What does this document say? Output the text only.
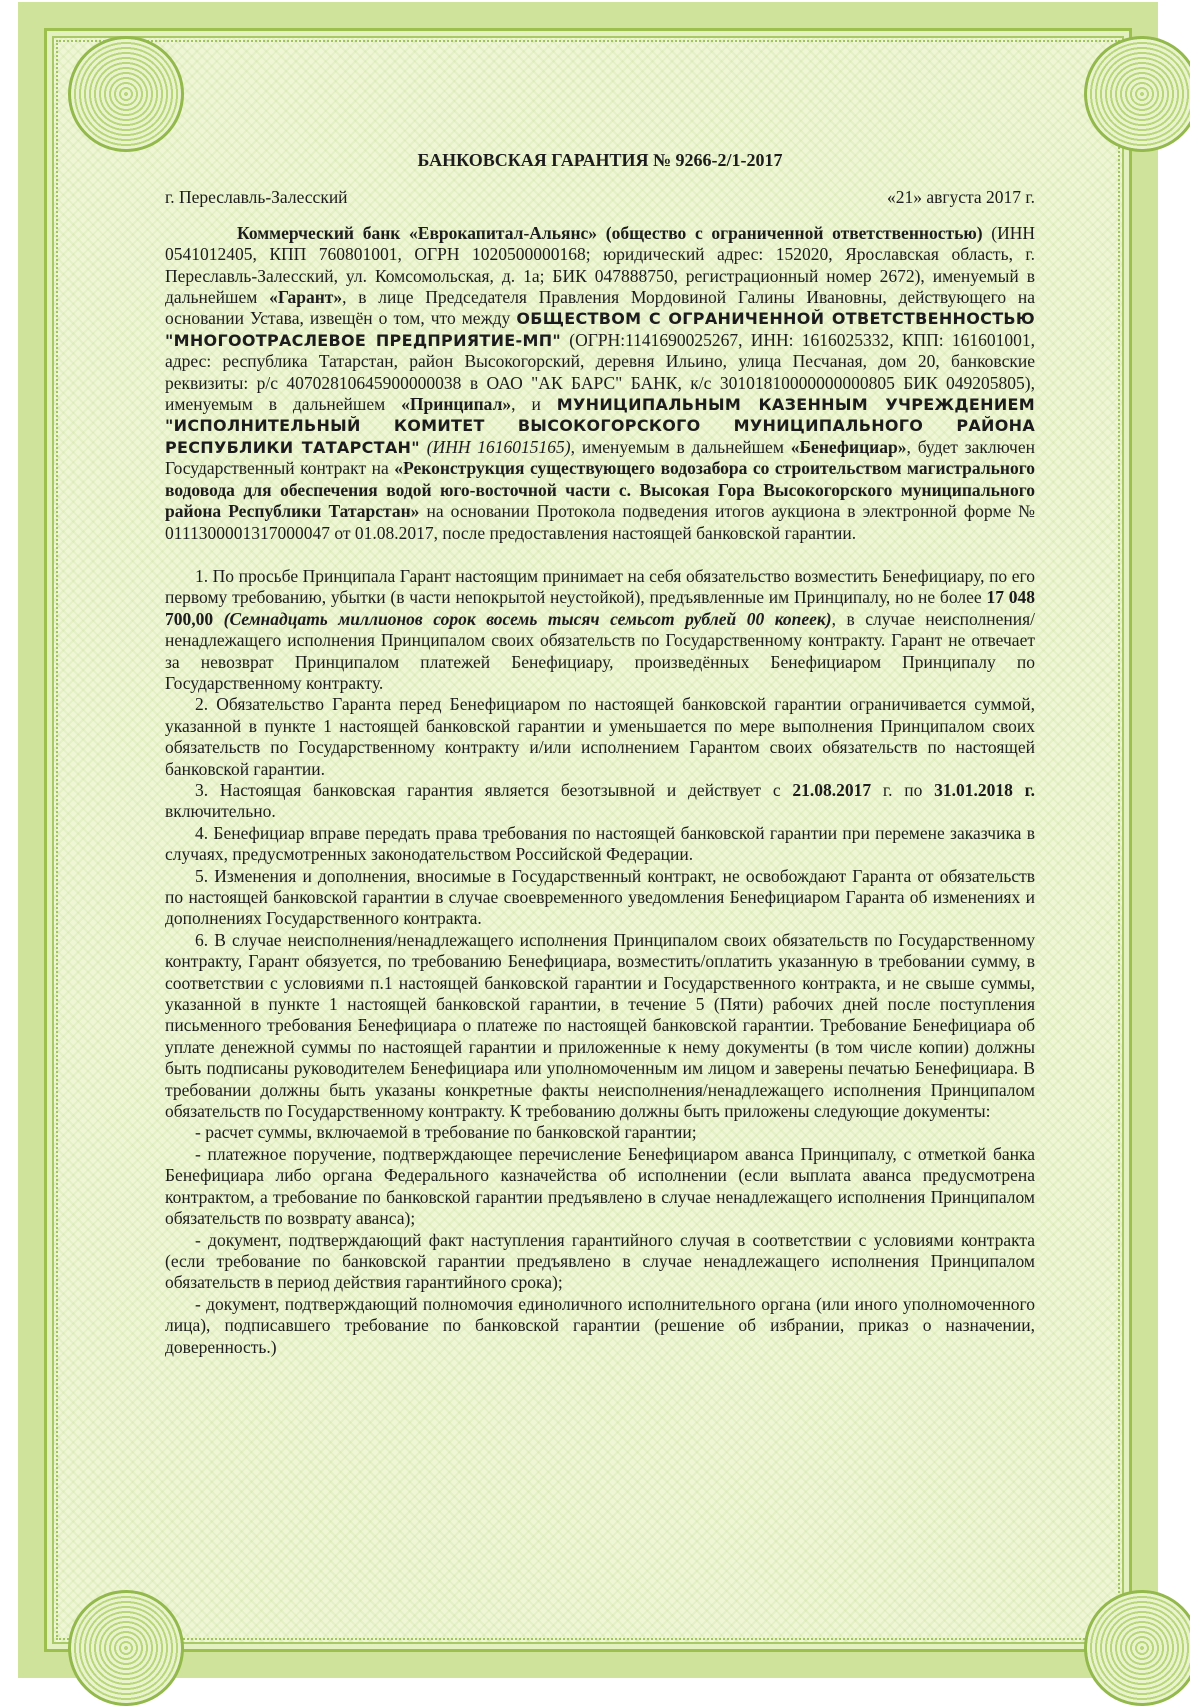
БАНКОВСКАЯ ГАРАНТИЯ № 9266-2/1-2017
г. Переславль-Залесский	«21» августа 2017 г.

Коммерческий банк «Еврокапитал-Альянс» (общество с ограниченной ответственностью) (ИНН 0541012405, КПП 760801001, ОГРН 1020500000168; юридический адрес: 152020, Ярославская область, г. Переславль-Залесский, ул. Комсомольская, д. 1а; БИК 047888750, регистрационный номер 2672), именуемый в дальнейшем «Гарант», в лице Председателя Правления Мордовиной Галины Ивановны, действующего на основании Устава, извещён о том, что между ОБЩЕСТВОМ С ОГРАНИЧЕННОЙ ОТВЕТСТВЕННОСТЬЮ "МНОГООТРАСЛЕВОЕ ПРЕДПРИЯТИЕ-МП" (ОГРН:1141690025267, ИНН: 1616025332, КПП: 161601001, адрес: республика Татарстан, район Высокогорский, деревня Ильино, улица Песчаная, дом 20, банковские реквизиты: р/с 40702810645900000038 в ОАО "АК БАРС" БАНК, к/с 30101810000000000805 БИК 049205805), именуемым в дальнейшем «Принципал», и МУНИЦИПАЛЬНЫМ КАЗЕННЫМ УЧРЕЖДЕНИЕМ "ИСПОЛНИТЕЛЬНЫЙ КОМИТЕТ ВЫСОКОГОРСКОГО МУНИЦИПАЛЬНОГО РАЙОНА РЕСПУБЛИКИ ТАТАРСТАН" (ИНН 1616015165), именуемым в дальнейшем «Бенефициар», будет заключен Государственный контракт на «Реконструкция существующего водозабора со строительством магистрального водовода для обеспечения водой юго-восточной части с. Высокая Гора Высокогорского муниципального района Республики Татарстан» на основании Протокола подведения итогов аукциона в электронной форме № 0111300001317000047 от 01.08.2017, после предоставления настоящей банковской гарантии.

1. По просьбе Принципала Гарант настоящим принимает на себя обязательство возместить Бенефициару, по его первому требованию, убытки (в части непокрытой неустойкой), предъявленные им Принципалу, но не более 17 048 700,00 (Семнадцать миллионов сорок восемь тысяч семьсот рублей 00 копеек), в случае неисполнения/ненадлежащего исполнения Принципалом своих обязательств по Государственному контракту. Гарант не отвечает за невозврат Принципалом платежей Бенефициару, произведённых Бенефициаром Принципалу по Государственному контракту.

2. Обязательство Гаранта перед Бенефициаром по настоящей банковской гарантии ограничивается суммой, указанной в пункте 1 настоящей банковской гарантии и уменьшается по мере выполнения Принципалом своих обязательств по Государственному контракту и/или исполнением Гарантом своих обязательств по настоящей банковской гарантии.

3. Настоящая банковская гарантия является безотзывной и действует с 21.08.2017 г. по 31.01.2018 г. включительно.

4. Бенефициар вправе передать права требования по настоящей банковской гарантии при перемене заказчика в случаях, предусмотренных законодательством Российской Федерации.

5. Изменения и дополнения, вносимые в Государственный контракт, не освобождают Гаранта от обязательств по настоящей банковской гарантии в случае своевременного уведомления Бенефициаром Гаранта об изменениях и дополнениях Государственного контракта.

6. В случае неисполнения/ненадлежащего исполнения Принципалом своих обязательств по Государственному контракту, Гарант обязуется, по требованию Бенефициара, возместить/оплатить указанную в требовании сумму, в соответствии с условиями п.1 настоящей банковской гарантии и Государственного контракта, и не свыше суммы, указанной в пункте 1 настоящей банковской гарантии, в течение 5 (Пяти) рабочих дней после поступления письменного требования Бенефициара о платеже по настоящей банковской гарантии. Требование Бенефициара об уплате денежной суммы по настоящей гарантии и приложенные к нему документы (в том числе копии) должны быть подписаны руководителем Бенефициара или уполномоченным им лицом и заверены печатью Бенефициара. В требовании должны быть указаны конкретные факты неисполнения/ненадлежащего исполнения Принципалом обязательств по Государственному контракту. К требованию должны быть приложены следующие документы:

- расчет суммы, включаемой в требование по банковской гарантии;

- платежное поручение, подтверждающее перечисление Бенефициаром аванса Принципалу, с отметкой банка Бенефициара либо органа Федерального казначейства об исполнении (если выплата аванса предусмотрена контрактом, а требование по банковской гарантии предъявлено в случае ненадлежащего исполнения Принципалом обязательств по возврату аванса);

- документ, подтверждающий факт наступления гарантийного случая в соответствии с условиями контракта (если требование по банковской гарантии предъявлено в случае ненадлежащего исполнения Принципалом обязательств в период действия гарантийного срока);

- документ, подтверждающий полномочия единоличного исполнительного органа (или иного уполномоченного лица), подписавшего требование по банковской гарантии (решение об избрании, приказ о назначении, доверенность.)
